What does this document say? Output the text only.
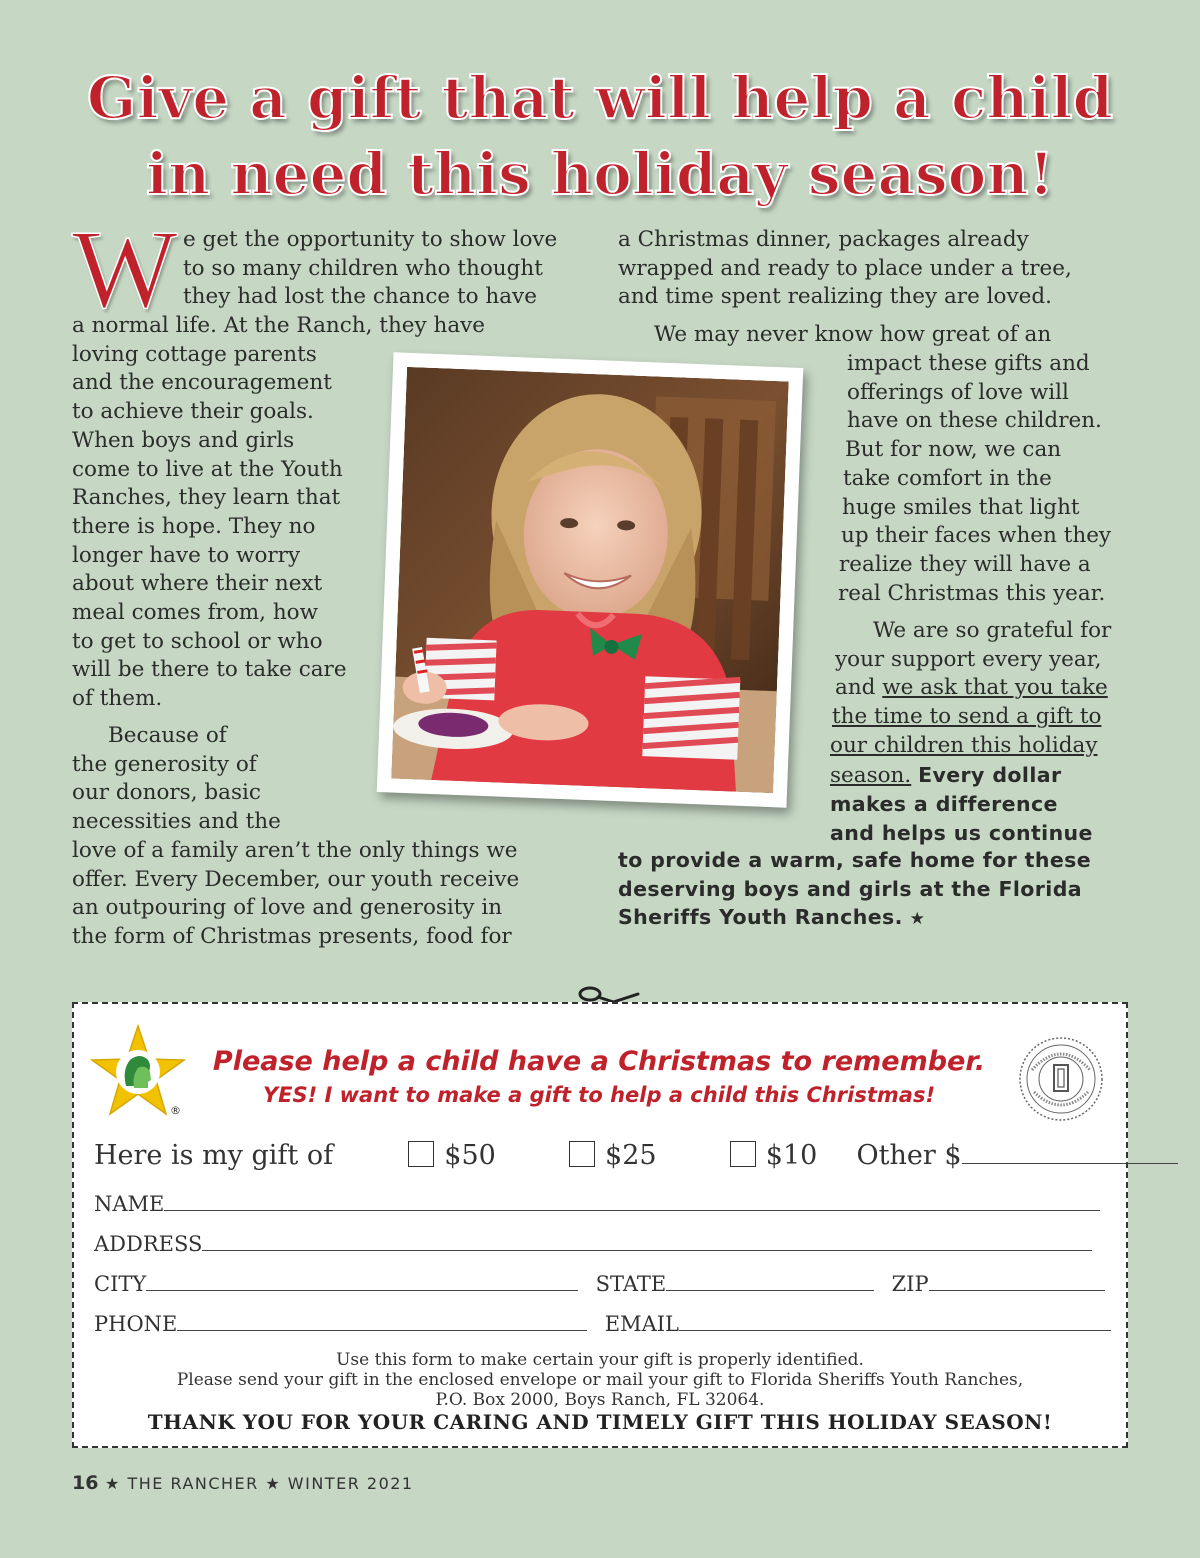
Give a gift that will help a child
in need this holiday season!
W e get the opportunity to show love
to so many children who thought
they had lost the chance to have
a normal life. At the Ranch, they have
loving cottage parents
and the encouragement
to achieve their goals.
When boys and girls
come to live at the Youth
Ranches, they learn that
there is hope. They no
longer have to worry
about where their next
meal comes from, how
to get to school or who
will be there to take care
of them.
Because of
the generosity of
our donors, basic
necessities and the
love of a family aren’t the only things we
offer. Every December, our youth receive
an outpouring of love and generosity in
the form of Christmas presents, food for
a Christmas dinner, packages already
wrapped and ready to place under a tree,
and time spent realizing they are loved.
We may never know how great of an
impact these gifts and
offerings of love will
have on these children.
But for now, we can
take comfort in the
huge smiles that light
up their faces when they
realize they will have a
real Christmas this year.
We are so grateful for
your support every year,
and we ask that you take
the time to send a gift to
our children this holiday
season. Every dollar
makes a difference
and helps us continue
to provide a warm, safe home for these
deserving boys and girls at the Florida
Sheriffs Youth Ranches. ★
®
Please help a child have a Christmas to remember.
YES! I want to make a gift to help a child this Christmas!
Here is my gift of	$50	$25	$10 Other $
NAME
ADDRESS
CITY	STATE	ZIP
PHONE	EMAIL
Use this form to make certain your gift is properly identified.
Please send your gift in the enclosed envelope or mail your gift to Florida Sheriffs Youth Ranches,
P.O. Box 2000, Boys Ranch, FL 32064.
THANK YOU FOR YOUR CARING AND TIMELY GIFT THIS HOLIDAY SEASON!
16 ★ THE RANCHER ★ WINTER 2021
